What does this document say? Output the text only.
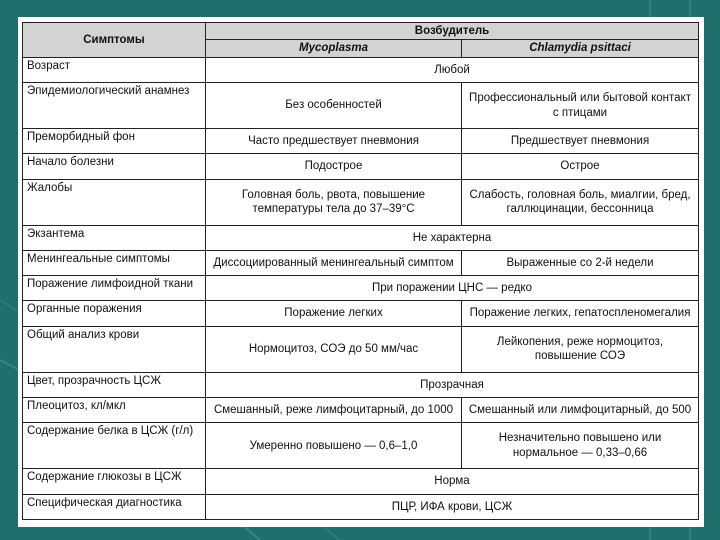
Симптомы	Возбудитель	
	Mycoplasma	Chlamydia psittaci
Возраст	Любой	
Эпидемиологический анамнез	Без особенностей	Профессиональный или бытовой контакт с птицами
Преморбидный фон	Часто предшествует пневмония	Предшествует пневмония
Начало болезни	Подострое	Острое
Жалобы	Головная боль, рвота, повышение температуры тела до 37–39°С	Слабость, головная боль, миалгии, бред, галлюцинации, бессонница
Экзантема	Не характерна	
Менингеальные симптомы	Диссоциированный менингеальный симптом	Выраженные со 2-й недели
Поражение лимфоидной ткани	При поражении ЦНС — редко	
Органные поражения	Поражение легких	Поражение легких, гепатоспленомегалия
Общий анализ крови	Нормоцитоз, СОЭ до 50 мм/час	Лейкопения, реже нормоцитоз, повышение СОЭ
Цвет, прозрачность ЦСЖ	Прозрачная	
Плеоцитоз, кл/мкл	Смешанный, реже лимфоцитарный, до 1000	Смешанный или лимфоцитарный, до 500
Содержание белка в ЦСЖ (г/л)	Умеренно повышено — 0,6–1,0	Незначительно повышено или нормальное — 0,33–0,66
Содержание глюкозы в ЦСЖ	Норма	
Специфическая диагностика	ПЦР, ИФА крови, ЦСЖ	
